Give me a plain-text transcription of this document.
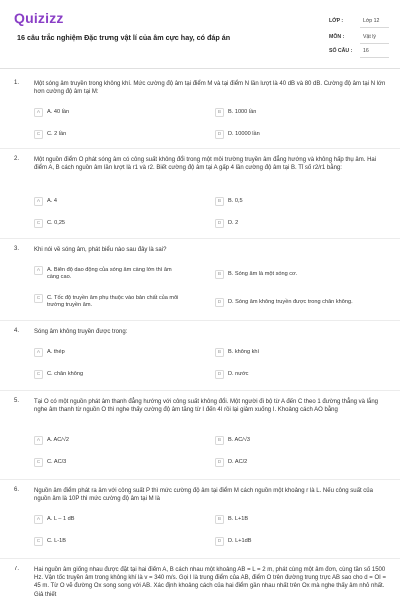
Quizizz
16 câu trắc nghiệm Đặc trưng vật lí của âm cực hay, có đáp án
LỚP :	Lớp 12
MÔN :	Vật lý
SỐ CÂU : 16
1. Một sóng âm truyền trong không khí. Mức cường độ âm tại điểm M và tại điểm N lần lượt là 40 dB và 80 dB. Cường độ âm tại N lớn hơn cường độ âm tại M:
A	A. 40 lần	B	B. 1000 lần
C	C. 2 lần	D	D. 10000 lần
2. Một nguồn điểm O phát sóng âm có công suất không đổi trong một môi trường truyền âm đẳng hướng và không hấp thụ âm. Hai điểm A, B cách nguồn âm lần lượt là r1 và r2. Biết cường độ âm tại A gấp 4 lần cường độ âm tại B. Tỉ số r2/r1 bằng:
A	A. 4	B	B. 0,5
C	C. 0,25	D	D. 2
3. Khi nói về sóng âm, phát biểu nào sau đây là sai?
A	A. Biên độ dao động của sóng âm càng lớn thì âm càng cao.	B	B. Sóng âm là một sóng cơ.
C	C. Tốc độ truyền âm phụ thuộc vào bản chất của môi trường truyền âm.	D	D. Sóng âm không truyền được trong chân không.
4. Sóng âm không truyền được trong:
A	A. thép	B	B. không khí
C	C. chân không	D	D. nước
5. Tại O có một nguồn phát âm thanh đẳng hướng với công suất không đổi. Một người đi bộ từ A đến C theo 1 đường thẳng và lắng nghe âm thanh từ nguồn O thì nghe thấy cường độ âm tăng từ I đến 4I rồi lại giảm xuống I. Khoảng cách AO bằng
A	A. AC/√2	B	B. AC/√3
C	C. AC/3	D	D. AC/2
6. Nguồn âm điểm phát ra âm với công suất P thì mức cường độ âm tại điểm M cách nguồn một khoảng r là L. Nếu công suất của nguồn âm là 10P thì mức cường độ âm tại M là
A	A. L – 1 dB	B	B. L+1B
C	C. L-1B	D	D. L+1dB
7. Hai nguồn âm giống nhau được đặt tại hai điểm A, B cách nhau một khoảng AB = L = 2 m, phát cùng một âm đơn, cùng tần số 1500 Hz. Vận tốc truyền âm trong không khí là v = 340 m/s. Gọi I là trung điểm của AB, điểm O trên đường trung trực AB sao cho d = OI = 45 m. Từ O vẽ đường Ox song song với AB. Xác định khoảng cách của hai điểm gần nhau nhất trên Ox mà nghe thấy âm nhỏ nhất. Giả thiết
